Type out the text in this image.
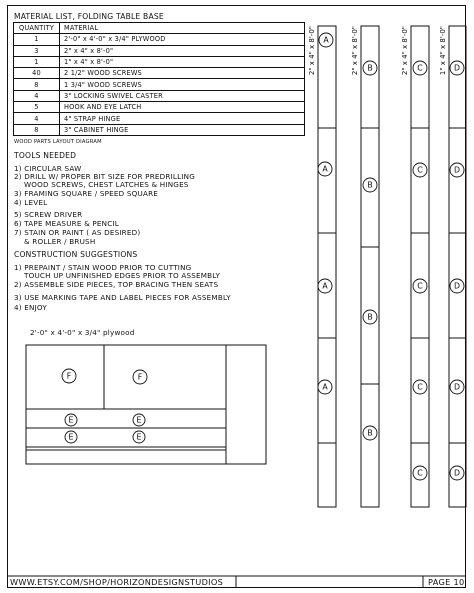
MATERIAL LIST, FOLDING TABLE BASE
QUANTITY	MATERIAL
1	2'-0" x 4'-0" x 3/4" PLYWOOD
3	2" x 4" x 8'-0"
1	1" x 4" x 8'-0"
40	2 1/2" WOOD SCREWS
8	1 3/4" WOOD SCREWS
4	3" LOCKING SWIVEL CASTER
5	HOOK AND EYE LATCH
4	4" STRAP HINGE
8	3" CABINET HINGE
WOOD PARTS LAYOUT DIAGRAM
TOOLS NEEDED
1) CIRCULAR SAW
2) DRILL W/ PROPER BIT SIZE FOR PREDRILLING
WOOD SCREWS, CHEST LATCHES & HINGES
3) FRAMING SQUARE / SPEED SQUARE
4) LEVEL
5) SCREW DRIVER
6) TAPE MEASURE & PENCIL
7) STAIN OR PAINT ( AS DESIRED)
& ROLLER / BRUSH
CONSTRUCTION SUGGESTIONS
1) PREPAINT / STAIN WOOD PRIOR TO CUTTING
TOUCH UP UNFINISHED EDGES PRIOR TO ASSEMBLY
2) ASSEMBLE SIDE PIECES, TOP BRACING THEN SEATS
3) USE MARKING TAPE AND LABEL PIECES FOR ASSEMBLY
4) ENJOY
2'-0" x 4'-0" x 3/4" plywood
F	F
E	E
E	E
A
A
A
A
B
B
B
B
C
C
C
C
C
D
D
D
D
D
2" x 4" x 8'-0"	2" x 4" x 8'-0"	2" x 4" x 8'-0"	1" x 4" x 8'-0"
WWW.ETSY.COM/SHOP/HORIZONDESIGNSTUDIOS	PAGE 10
